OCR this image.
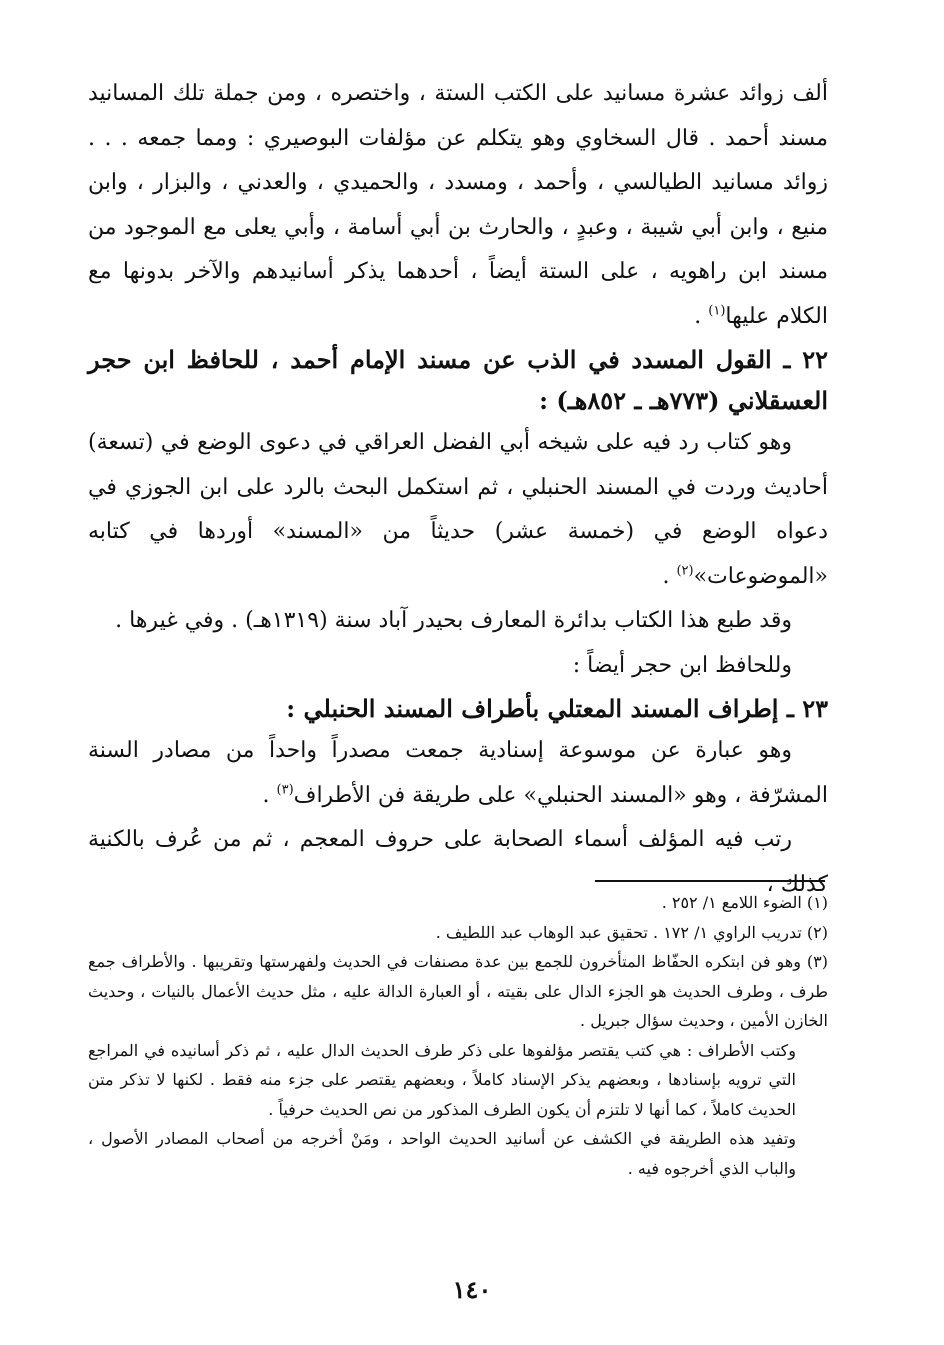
ألف زوائد عشرة مسانيد على الكتب الستة ، واختصره ، ومن جملة تلك المسانيد مسند أحمد . قال السخاوي وهو يتكلم عن مؤلفات البوصيري : ومما جمعه . . . زوائد مسانيد الطيالسي ، وأحمد ، ومسدد ، والحميدي ، والعدني ، والبزار ، وابن منيع ، وابن أبي شيبة ، وعبدٍ ، والحارث بن أبي أسامة ، وأبي يعلى مع الموجود من مسند ابن راهويه ، على الستة أيضاً ، أحدهما يذكر أسانيدهم والآخر بدونها مع الكلام عليها$^{(١)}$ .

٢٢ ـ القول المسدد في الذب عن مسند الإمام أحمد ، للحافظ ابن حجر العسقلاني (٧٧٣هـ ـ ٨٥٢هـ) :

وهو كتاب رد فيه على شيخه أبي الفضل العراقي في دعوى الوضع في (تسعة) أحاديث وردت في المسند الحنبلي ، ثم استكمل البحث بالرد على ابن الجوزي في دعواه الوضع في (خمسة عشر) حديثاً من «المسند» أوردها في كتابه «الموضوعات»$^{(٢)}$ .

وقد طبع هذا الكتاب بدائرة المعارف بحيدر آباد سنة (١٣١٩هـ) . وفي غيرها .

وللحافظ ابن حجر أيضاً :

٢٣ ـ إطراف المسند المعتلي بأطراف المسند الحنبلي :

وهو عبارة عن موسوعة إسنادية جمعت مصدراً واحداً من مصادر السنة المشرّفة ، وهو «المسند الحنبلي» على طريقة فن الأطراف$^{(٣)}$ .

رتب فيه المؤلف أسماء الصحابة على حروف المعجم ، ثم من عُرف بالكنية كذلك ،

(١) الضوء اللامع ١/ ٢٥٢ .

(٢) تدريب الراوي ١/ ١٧٢ . تحقيق عبد الوهاب عبد اللطيف .

(٣) وهو فن ابتكره الحفّاظ المتأخرون للجمع بين عدة مصنفات في الحديث ولفهرستها وتقريبها . والأطراف جمع طرف ، وطرف الحديث هو الجزء الدال على بقيته ، أو العبارة الدالة عليه ، مثل حديث الأعمال بالنيات ، وحديث الخازن الأمين ، وحديث سؤال جبريل .

وكتب الأطراف : هي كتب يقتصر مؤلفوها على ذكر طرف الحديث الدال عليه ، ثم ذكر أسانيده في المراجع التي ترويه بإسنادها ، وبعضهم يذكر الإسناد كاملاً ، وبعضهم يقتصر على جزء منه فقط . لكنها لا تذكر متن الحديث كاملاً ، كما أنها لا تلتزم أن يكون الطرف المذكور من نص الحديث حرفياً .

وتفيد هذه الطريقة في الكشف عن أسانيد الحديث الواحد ، ومَنْ أخرجه من أصحاب المصادر الأصول ، والباب الذي أخرجوه فيه .

١٤٠
